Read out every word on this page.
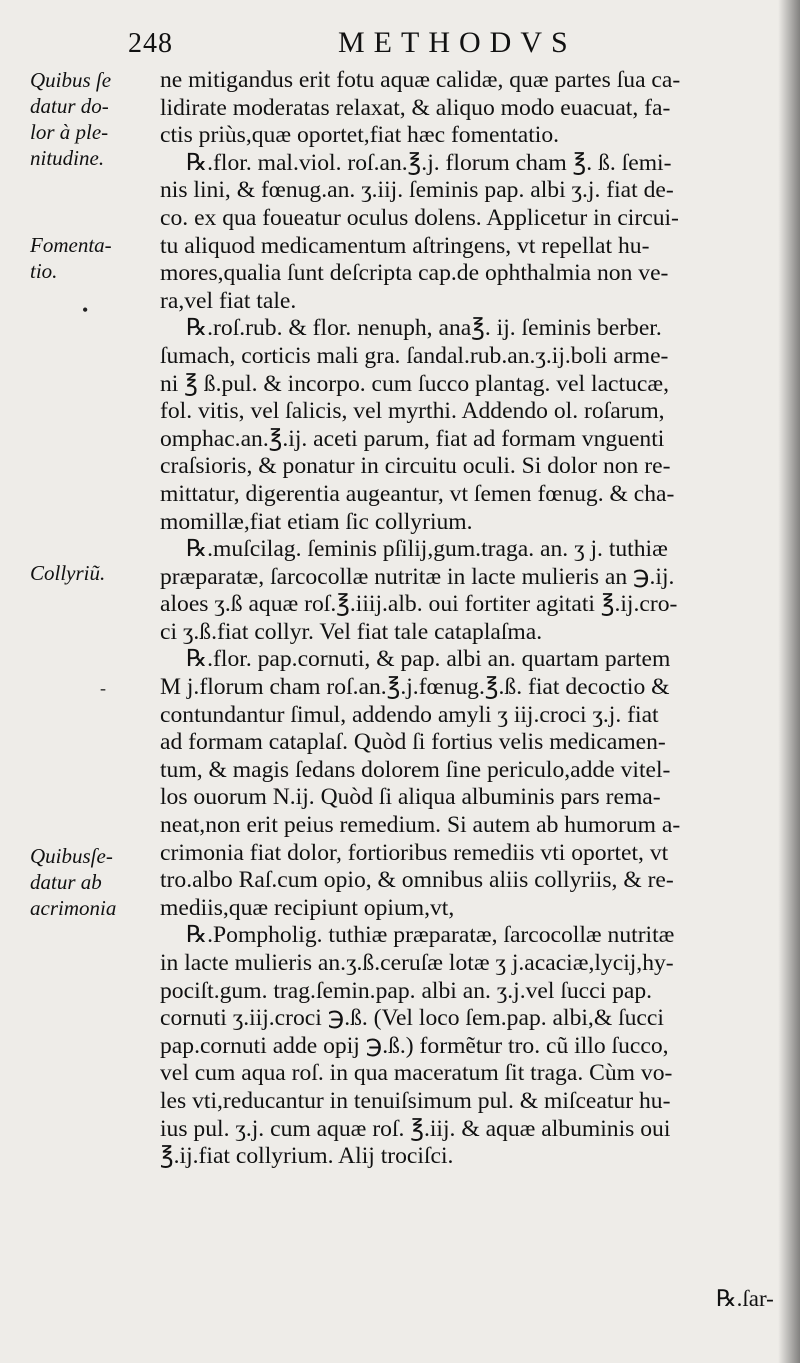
248	METHODVS
Quibus ſe
datur do-
lor à ple-
nitudine.
Fomenta-
tio.
•
Collyriũ.
-
Quibusſe-
datur ab
acrimonia
ne mitigandus erit fotu aquæ calidæ, quæ partes ſua ca-
lidirate moderatas relaxat, & aliquo modo euacuat, fa-
ctis priùs,quæ oportet,fiat hæc fomentatio.
℞.flor. mal.viol. roſ.an.℥.j. florum cham ℥. ß. ſemi-
nis lini, & fœnug.an. ʒ.iij. ſeminis pap. albi ʒ.j. fiat de-
co. ex qua foueatur oculus dolens. Applicetur in circui-
tu aliquod medicamentum aſtringens, vt repellat hu-
mores,qualia ſunt deſcripta cap.de ophthalmia non ve-
ra,vel fiat tale.
℞.roſ.rub. & flor. nenuph, ana℥. ij. ſeminis berber.
ſumach, corticis mali gra. ſandal.rub.an.ʒ.ij.boli arme-
ni ℥ ß.pul. & incorpo. cum ſucco plantag. vel lactucæ,
fol. vitis, vel ſalicis, vel myrthi. Addendo ol. roſarum,
omphac.an.℥.ij. aceti parum, fiat ad formam vnguenti
craſsioris, & ponatur in circuitu oculi. Si dolor non re-
mittatur, digerentia augeantur, vt ſemen fœnug. & cha-
momillæ,fiat etiam ſic collyrium.
℞.muſcilag. ſeminis pſilij,gum.traga. an. ʒ j. tuthiæ
præparatæ, ſarcocollæ nutritæ in lacte mulieris an ℈.ij.
aloes ʒ.ß aquæ roſ.℥.iiij.alb. oui fortiter agitati ℥.ij.cro-
ci ʒ.ß.fiat collyr. Vel fiat tale cataplaſma.
℞.flor. pap.cornuti, & pap. albi an. quartam partem
M j.florum cham roſ.an.℥.j.fœnug.℥.ß. fiat decoctio &
contundantur ſimul, addendo amyli ʒ iij.croci ʒ.j. fiat
ad formam cataplaſ. Quòd ſi fortius velis medicamen-
tum, & magis ſedans dolorem ſine periculo,adde vitel-
los ouorum N.ij. Quòd ſi aliqua albuminis pars rema-
neat,non erit peius remedium. Si autem ab humorum a-
crimonia fiat dolor, fortioribus remediis vti oportet, vt
tro.albo Raſ.cum opio, & omnibus aliis collyriis, & re-
mediis,quæ recipiunt opium,vt,
℞.Pompholig. tuthiæ præparatæ, ſarcocollæ nutritæ
in lacte mulieris an.ʒ.ß.ceruſæ lotæ ʒ j.acaciæ,lycij,hy-
pociſt.gum. trag.ſemin.pap. albi an. ʒ.j.vel ſucci pap.
cornuti ʒ.iij.croci ℈.ß. (Vel loco ſem.pap. albi,& ſucci
pap.cornuti adde opij ℈.ß.) formẽtur tro. cũ illo ſucco,
vel cum aqua roſ. in qua maceratum ſit traga. Cùm vo-
les vti,reducantur in tenuiſsimum pul. & miſceatur hu-
ius pul. ʒ.j. cum aquæ roſ. ℥.iij. & aquæ albuminis oui
℥.ij.fiat collyrium. Alij trociſci.
℞.ſar-
